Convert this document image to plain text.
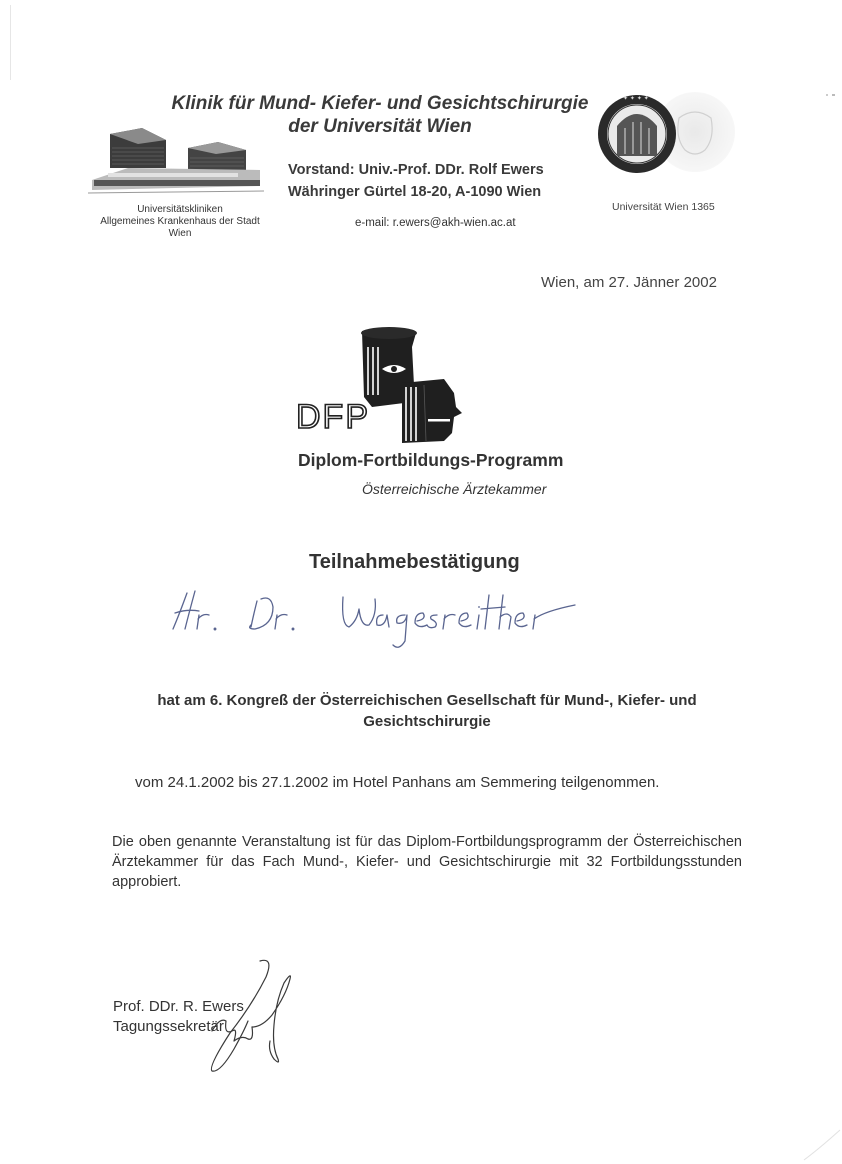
Klinik für Mund- Kiefer- und Gesichtschirurgie
der Universität Wien
Universitätskliniken
Allgemeines Krankenhaus der Stadt
Wien
Vorstand: Univ.-Prof. DDr. Rolf Ewers
Währinger Gürtel 18-20, A-1090 Wien
e-mail: r.ewers@akh-wien.ac.at
✦ ✦ ✦ ✦
Universität Wien 1365
Wien, am 27. Jänner 2002
DFP
Diplom-Fortbildungs-Programm
Österreichische Ärztekammer
Teilnahmebestätigung
hat am 6. Kongreß der Österreichischen Gesellschaft für Mund-, Kiefer- und
Gesichtschirurgie
vom 24.1.2002 bis 27.1.2002 im Hotel Panhans am Semmering teilgenommen.
Die oben genannte Veranstaltung ist für das Diplom-Fortbildungsprogramm der Österreichischen Ärztekammer für das Fach Mund-, Kiefer- und Gesichtschirurgie mit 32 Fortbildungsstunden approbiert.
Prof. DDr. R. Ewers
Tagungssekretär
